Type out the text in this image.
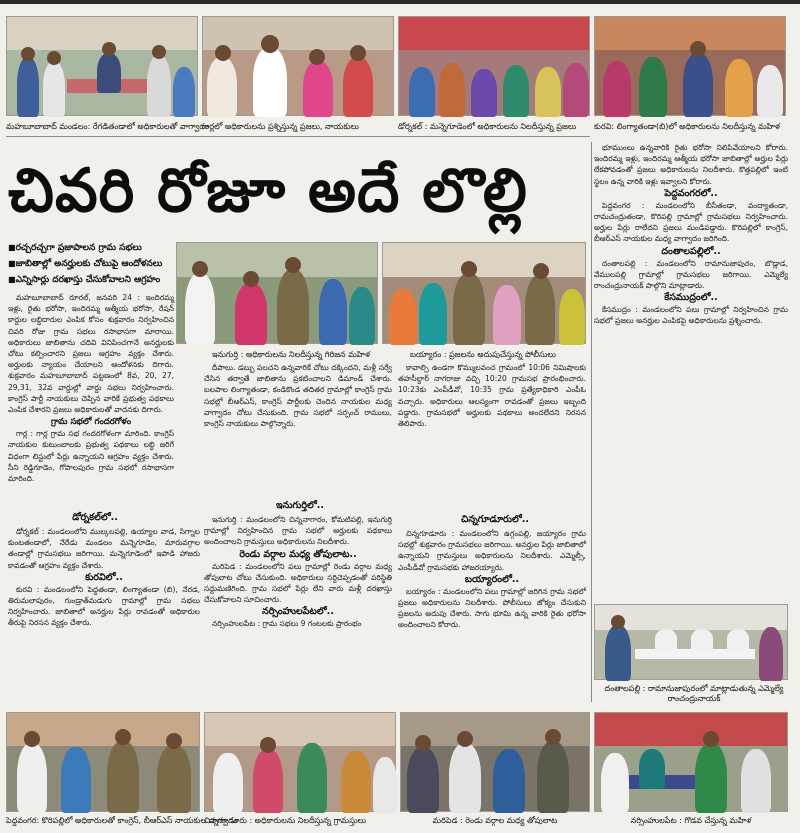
మహబూబాబాద్ మండలం: రేగడితండాలో అధికారులతో వాగ్వాదం
గార్లలో అధికారులను ప్రశ్నిస్తున్న ప్రజలు, నాయకులు	డోర్నకల్ : మన్నెగూడెంలో అధికారులను నిలదీస్తున్న ప్రజలు	కురవి: లింగ్యాతండా(బి)లో అధికారులను నిలదీస్తున్న మహిళ
చివరి రోజూ అదే లొల్లి
■ రచ్చరచ్చగా ప్రజాపాలన గ్రామ సభలు
■ జాబితాల్లో అనర్హులకు చోటుపై ఆందోళనలు
■ ఎన్నిసార్లు దరఖాస్తు చేసుకోవాలని ఆగ్రహం
ఇనుగుర్తి : అధికారులను నిలదీస్తున్న గిరిజన మహిళ	బయ్యారం : ప్రజలను అదుపుచేస్తున్న పోలీసులు

మహబూబాబాద్ రూరల్, జనవరి 24 : ఇందిరమ్మ ఇళ్లు, రైతు భరోసా, ఇందిరమ్మ ఆత్మీయ భరోసా, రేషన్ కార్డుల లబ్ధిదారుల ఎంపిక కోసం శుక్రవారం నిర్వహించిన చివరి రోజు గ్రామ సభలు రసాభాసగా మారాయి. అధికారులు జాబితాను చదివి వినిపించగానే అనర్హులకు చోటు కల్పించారని ప్రజలు ఆగ్రహం వ్యక్తం చేశారు. అర్హులకు న్యాయం చేయాలని ఆందోళనకు దిగారు. శుక్రవారం మహబూబాబాద్ పట్టణంలో 8వ, 20, 27, 29,31, 32వ వార్డుల్లో వార్డు సభలు నిర్వహించారు. కాంగ్రెస్ పార్టీ నాయకులు చెప్పిన వారికే ప్రభుత్వ పథకాలు ఎంపిక చేశారని ప్రజలు అధికారులతో వాదనకు దిగారు.

గ్రామ సభలో గందరగోళం

గార్ల : గార్ల గ్రామ సభ గందరగోళంగా మారింది. కాంగ్రెస్ నాయకుల కుటుంబాలకు ప్రభుత్వ పథకాలు లబ్ధి జరిగే విధంగా లిస్టులో పేర్లు ఉన్నాయని ఆగ్రహం వ్యక్తం చేశారు. సీని రెడ్డిగూడెం, గోపాలపురం గ్రామ సభలో రసాభాసగా మారింది.

డోర్నకల్‌లో..

డోర్నకల్ : మండలంలోని ముల్కలపల్లి, ఉయ్యాల వాడ, సిగ్నాల కుంటతండాలో, నేరేడు మండలం మన్నెగూడెం, మారువగ్గాల తండాల్లో గ్రామసభలు జరిగాయి. మన్నెగూడెంలో ఇపాడి హాజరు కావడంతో ఆగ్రహం వ్యక్తం చేశారు.

కురవిలో..

కురవి : మండలంలోని పెద్దతండా, లింగ్యాతండా (బి), నేరడ, తిరుమలాపురం, గుండ్రాత్‌మడుగు గ్రామాల్లో గ్రామ సభలు నిర్వహించారు. జాబితాలో అనర్హుల పేర్లు రావడంతో అధికారుల తీరుపై నిరసన వ్యక్తం చేశారు.

దీపాలు. డబ్బు పలచని ఉన్నవారికే చోటు దక్కిందని, మళ్లీ సర్వే చేసిన తర్వాతే జాబితాను ప్రకటించాలని డిమాండ్ చేశారు. బలపాల లింగ్యాతండా, కండికొండ తదితర గ్రామాల్లో కాంగ్రెస్ గ్రామ సభల్లో బీఆర్ఎస్, కాంగ్రెస్ పార్టీలకు చెందిన నాయకుల మధ్య వాగ్వాదం చోటు చేసుకుంది. గ్రామ సభలో సర్పంచ్ రాములు, కాంగ్రెస్ నాయకులు పాల్గొన్నారు.

ఇనుగుర్తిలో..

ఇనుగుర్తి : మండలంలోని చిన్ననాగారం, కోమటిపల్లి, ఇనుగుర్తి గ్రామాల్లో నిర్వహించిన గ్రామ సభలో అర్హులకు పథకాలు అందించాలని గ్రామస్తులు అధికారులను నిలదీశారు.

రెండు వర్గాల మధ్య తోపులాట..

మరిపెడ : మండలంలోని పలు గ్రామాల్లో రెండు వర్గాల మధ్య తోపులాట చోటు చేసుకుంది. అధికారులు సర్దిచెప్పడంతో పరిస్థితి సద్దుమణిగింది. గ్రామ సభలో పేర్లు లేని వారు మళ్లీ దరఖాస్తు చేసుకోవాలని సూచించారు.

నర్సింహులపేటలో..

నర్సింహులపేట : గ్రామ సభలు 9 గంటలకు ప్రారంభం

కావాల్సి ఉండగా కొమ్ములవంచ గ్రామంలో 10:06 నిమిషాలకు తహసీల్దార్ నాగరాజు వచ్చి 10:20 గ్రామసభ ప్రారంభించారు. 10:23కు ఎంపీడీవో, 10:35 గ్రామ ప్రత్యేకాధికారి ఎంపీఓ వచ్చారు. అధికారులు ఆలస్యంగా రావడంతో ప్రజలు ఇబ్బంది పడ్డారు. గ్రామసభలో అర్హులకు పథకాలు అందలేదని నిరసన తెలిపారు.

చిన్నగూడూరులో..

చిన్నగూడూరు : మండలంలోని ఉగ్గంపల్లి, జయ్యారం గ్రామ సభల్లో శుక్రవారం గ్రామసభలు జరిగాయి. అనర్హుల పేర్లు జాబితాలో ఉన్నాయని గ్రామస్తులు అధికారులను నిలదీశారు. ఎమ్మెల్సీ, ఎంపీడీవో గ్రామసభకు హాజరయ్యారు.

బయ్యారంలో..

బయ్యారం : మండలంలోని పలు గ్రామాల్లో జరిగిన గ్రామ సభలో ప్రజలు అధికారులను నిలదీశారు. పోలీసులు జోక్యం చేసుకుని ప్రజలను అదుపు చేశారు. సాగు భూమి ఉన్న వారికి రైతు భరోసా అందించాలని కోరారు.

భూముంలు ఉన్నవారికి రైతు భరోసా నిలిపివేయాలని కోరారు. ఇందిరమ్మ ఇళ్లు, ఇందిరమ్మ ఆత్మీయ భరోసా జాబితాల్లో అర్హుల పేర్లు లేకపోవడంతో ప్రజలు అధికారులను నిలదీశారు. కొత్తపల్లిలో ఇంటి స్థలం ఉన్న వారికి ఇళ్లు ఇవ్వాలని కోరారు.

పెద్దవంగరలో..

పెద్దవంగర : మండలంలోని బీసీతండా, వంద్యాతండా, రామచంద్రుతండా, కొరిపల్లి గ్రామాల్లో గ్రామసభలు నిర్వహించారు. అర్హుల పేర్లు రాలేదని ప్రజలు మండిపడ్డారు. కొరిపల్లిలో కాంగ్రెస్, బీఆర్ఎస్ నాయకుల మధ్య వాగ్వాదం జరిగింది.

దంతాలపల్లిలో..

దంతాలపల్లి : మండలంలోని రామానుజాపురం, బొడ్లాడ, వేములపల్లి గ్రామాల్లో గ్రామసభలు జరిగాయి. ఎమ్మెల్యే రాంచంద్రునాయక్ పాల్గొని మాట్లాడారు.

కేసముద్రంలో..

కేసముద్రం : మండలంలోని పలు గ్రామాల్లో నిర్వహించిన గ్రామ సభలో ప్రజలు అనర్హుల ఎంపికపై అధికారులను ప్రశ్నించారు.

దంతాలపల్లి : రామానుజాపురంలో మాట్లాడుతున్న ఎమ్మెల్యే రాంచంద్రునాయక్
పెద్దవంగర: కొరిపల్లిలో అధికారులతో కాంగ్రెస్, బీఆర్ఎస్ నాయకుల వాగ్వాదం
చిన్నగూడూరు : అధికారులను నిలదీస్తున్న గ్రామస్తులు	మరిపెడ : రెండు వర్గాల మధ్య తోపులాట	నర్సింహులపేట : గొడవ చేస్తున్న మహిళ
